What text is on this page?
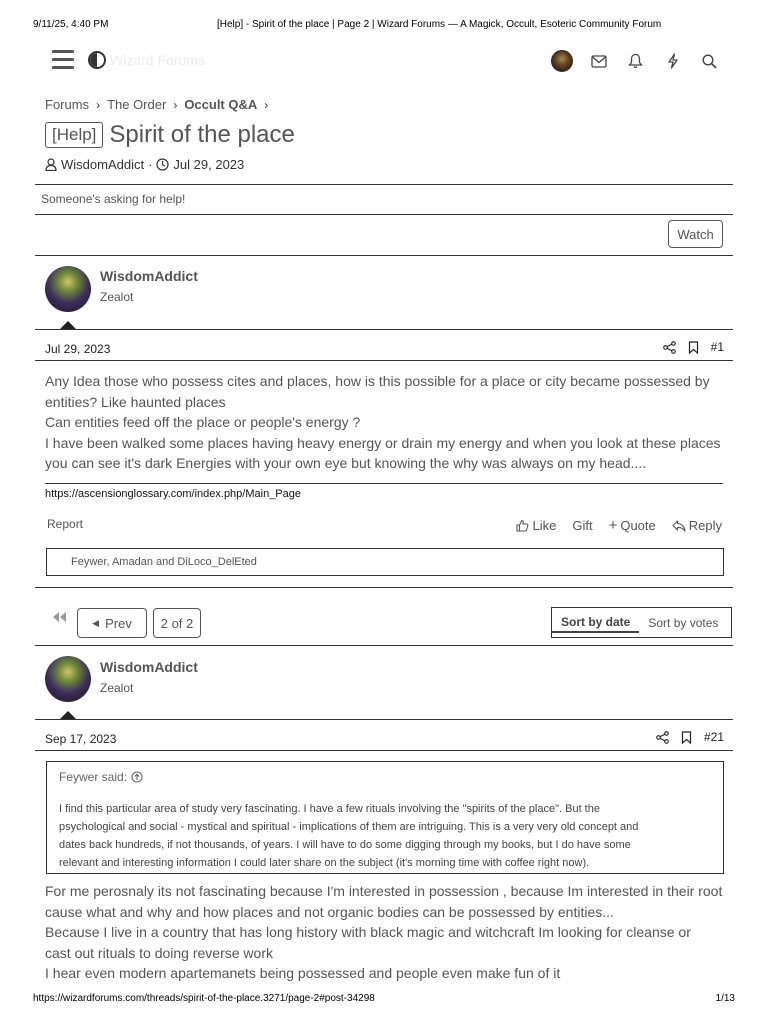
9/11/25, 4:40 PM	[Help] - Spirit of the place | Page 2 | Wizard Forums — A Magick, Occult, Esoteric Community Forum
Wizard Forums
Forums › The Order › Occult Q&A ›
[Help] Spirit of the place
WisdomAddict · Jul 29, 2023
Someone's asking for help!
Watch
WisdomAddict
Zealot
Jul 29, 2023	#1
Any Idea those who possess cites and places, how is this possible for a place or city became possessed by
entities? Like haunted places
Can entities feed off the place or people's energy ?
I have been walked some places having heavy energy or drain my energy and when you look at these places
you can see it's dark Energies with your own eye but knowing the why was always on my head....
https://ascensionglossary.com/index.php/Main_Page
Report	Like Gift + Quote	Reply
Feywer, Amadan and DiLoco_DelEted
◀ Prev	2 of 2	Sort by date	Sort by votes
WisdomAddict
Zealot
Sep 17, 2023	#21
Feywer said:
I find this particular area of study very fascinating. I have a few rituals involving the "spirits of the place". But the
psychological and social - mystical and spiritual - implications of them are intriguing. This is a very very old concept and
dates back hundreds, if not thousands, of years. I will have to do some digging through my books, but I do have some
relevant and interesting information I could later share on the subject (it's morning time with coffee right now).
For me perosnaly its not fascinating because I'm interested in possession , because Im interested in their root
cause what and why and how places and not organic bodies can be possessed by entities...
Because I live in a country that has long history with black magic and witchcraft Im looking for cleanse or
cast out rituals to doing reverse work
I hear even modern apartemanets being possessed and people even make fun of it
https://wizardforums.com/threads/spirit-of-the-place.3271/page-2#post-34298	1/13
